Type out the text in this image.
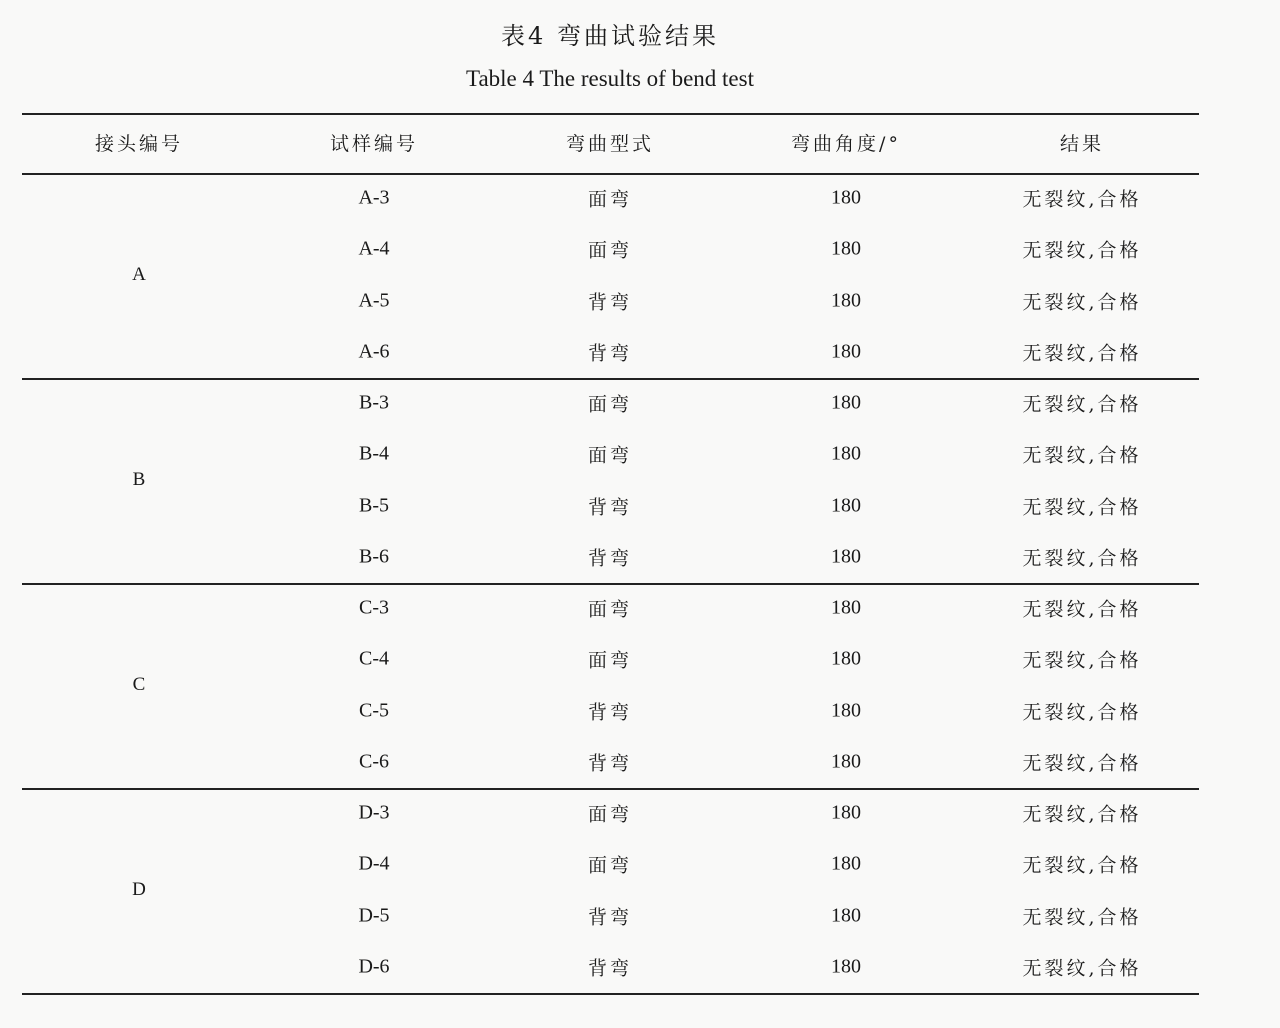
表4 弯曲试验结果
Table 4 The results of bend test
接头编号	试样编号	弯曲型式	弯曲角度/°	结果
A
A-3	面弯	180	无裂纹,合格
A-4	面弯	180	无裂纹,合格
A-5	背弯	180	无裂纹,合格
A-6	背弯	180	无裂纹,合格
B
B-3	面弯	180	无裂纹,合格
B-4	面弯	180	无裂纹,合格
B-5	背弯	180	无裂纹,合格
B-6	背弯	180	无裂纹,合格
C
C-3	面弯	180	无裂纹,合格
C-4	面弯	180	无裂纹,合格
C-5	背弯	180	无裂纹,合格
C-6	背弯	180	无裂纹,合格
D
D-3	面弯	180	无裂纹,合格
D-4	面弯	180	无裂纹,合格
D-5	背弯	180	无裂纹,合格
D-6	背弯	180	无裂纹,合格
